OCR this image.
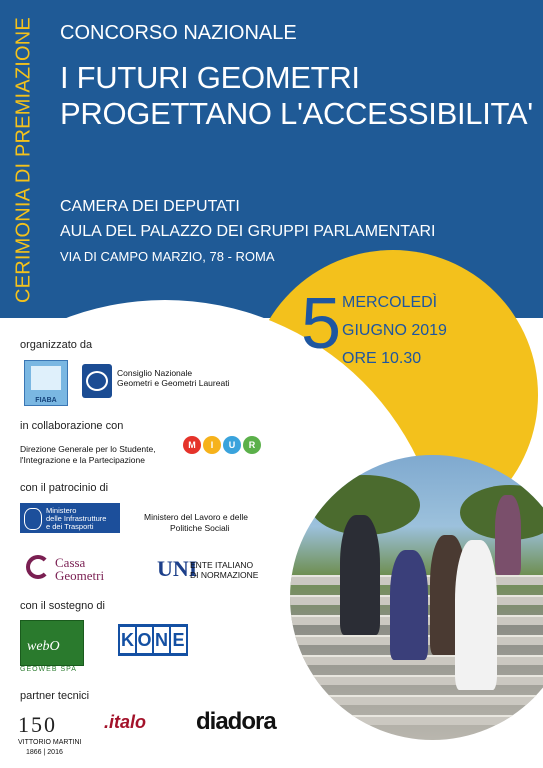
CERIMONIA DI PREMIAZIONE CONCORSO NAZIONALE
I FUTURI GEOMETRI
PROGETTANO L'ACCESSIBILITA'
CAMERA DEI DEPUTATI
AULA DEL PALAZZO DEI GRUPPI PARLAMENTARI
VIA DI CAMPO MARZIO, 78 - ROMA
5 MERCOLEDÌ
GIUGNO 2019
ORE 10.30
organizzato da
FIABA
Consiglio Nazionale
Geometri e Geometri Laureati
in collaborazione con
Direzione Generale per lo Studente,
l'Integrazione e la Partecipazione
M	I	U	R
con il patrocinio di
Ministero
delle Infrastrutture
e dei Trasporti
Ministero del Lavoro e delle
Politiche Sociali
Cassa
Geometri UNI
ENTE ITALIANO
DI NORMAZIONE
con il sostegno di
webO
GEOWEB SPA
K O N E
partner tecnici
150
VITTORIO MARTINI
1866 | 2016
.italo diadora
